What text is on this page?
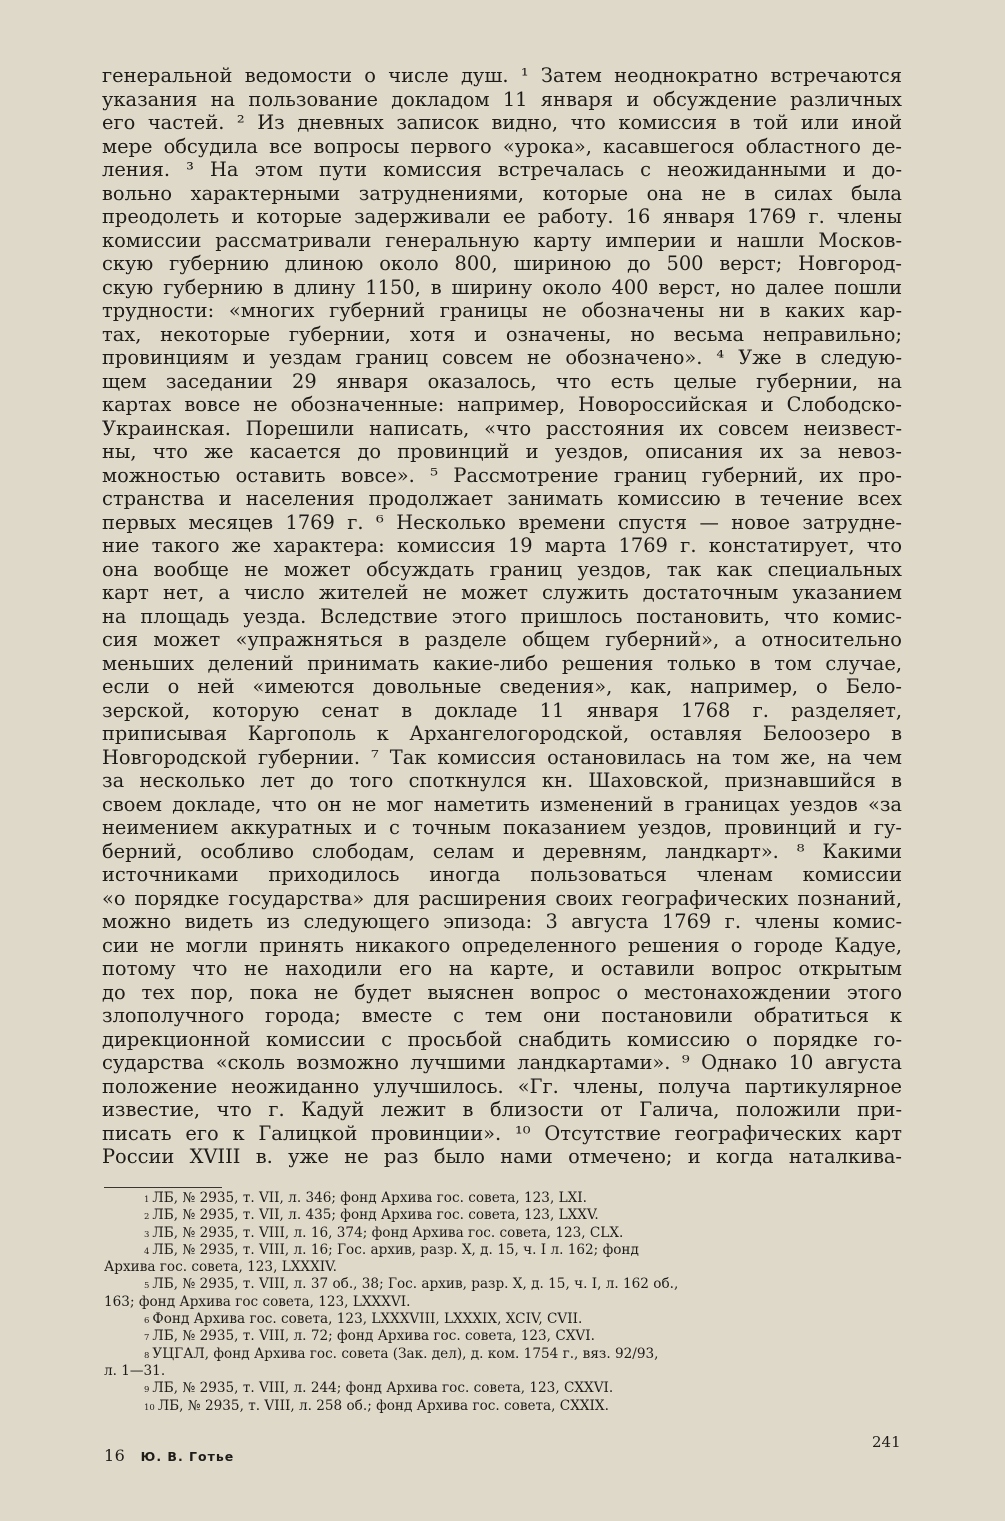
генеральной ведомости о числе душ. ¹ Затем неоднократно встречаются
указания на пользование докладом 11 января и обсуждение различных
его частей. ² Из дневных записок видно, что комиссия в той или иной
мере обсудила все вопросы первого «урока», касавшегося областного де-
ления. ³ На этом пути комиссия встречалась с неожиданными и до-
вольно характерными затруднениями, которые она не в силах была
преодолеть и которые задерживали ее работу. 16 января 1769 г. члены
комиссии рассматривали генеральную карту империи и нашли Москов-
скую губернию длиною около 800, шириною до 500 верст; Новгород-
скую губернию в длину 1150, в ширину около 400 верст, но далее пошли
трудности: «многих губерний границы не обозначены ни в каких кар-
тах, некоторые губернии, хотя и означены, но весьма неправильно;
провинциям и уездам границ совсем не обозначено». ⁴ Уже в следую-
щем заседании 29 января оказалось, что есть целые губернии, на
картах вовсе не обозначенные: например, Новороссийская и Слободско-
Украинская. Порешили написать, «что расстояния их совсем неизвест-
ны, что же касается до провинций и уездов, описания их за невоз-
можностью оставить вовсе». ⁵ Рассмотрение границ губерний, их про-
странства и населения продолжает занимать комиссию в течение всех
первых месяцев 1769 г. ⁶ Несколько времени спустя — новое затрудне-
ние такого же характера: комиссия 19 марта 1769 г. констатирует, что
она вообще не может обсуждать границ уездов, так как специальных
карт нет, а число жителей не может служить достаточным указанием
на площадь уезда. Вследствие этого пришлось постановить, что комис-
сия может «упражняться в разделе общем губерний», а относительно
меньших делений принимать какие-либо решения только в том случае,
если о ней «имеются довольные сведения», как, например, о Бело-
зерской, которую сенат в докладе 11 января 1768 г. разделяет,
приписывая Каргополь к Архангелогородской, оставляя Белоозеро в
Новгородской губернии. ⁷ Так комиссия остановилась на том же, на чем
за несколько лет до того споткнулся кн. Шаховской, признавшийся в
своем докладе, что он не мог наметить изменений в границах уездов «за
неимением аккуратных и с точным показанием уездов, провинций и гу-
берний, особливо слободам, селам и деревням, ландкарт». ⁸ Какими
источниками приходилось иногда пользоваться членам комиссии
«о порядке государства» для расширения своих географических познаний,
можно видеть из следующего эпизода: 3 августа 1769 г. члены комис-
сии не могли принять никакого определенного решения о городе Кадуе,
потому что не находили его на карте, и оставили вопрос открытым
до тех пор, пока не будет выяснен вопрос о местонахождении этого
злополучного города; вместе с тем они постановили обратиться к
дирекционной комиссии с просьбой снабдить комиссию о порядке го-
сударства «сколь возможно лучшими ландкартами». ⁹ Однако 10 августа
положение неожиданно улучшилось. «Гг. члены, получа партикулярное
известие, что г. Кадуй лежит в близости от Галича, положили при-
писать его к Галицкой провинции». ¹⁰ Отсутствие географических карт
России XVIII в. уже не раз было нами отмечено; и когда наталкива-
$^1$ ЛБ, № 2935, т. VII, л. 346; фонд Архива гос. совета, 123, LXI.
$^2$ ЛБ, № 2935, т. VII, л. 435; фонд Архива гос. совета, 123, LXXV.
$^3$ ЛБ, № 2935, т. VIII, л. 16, 374; фонд Архива гос. совета, 123, CLX.
$^4$ ЛБ, № 2935, т. VIII, л. 16; Гос. архив, разр. X, д. 15, ч. I л. 162; фонд
Архива гос. совета, 123, LXXXIV.
$^5$ ЛБ, № 2935, т. VIII, л. 37 об., 38; Гос. архив, разр. X, д. 15, ч. I, л. 162 об.,
163; фонд Архива гос совета, 123, LXXXVI.
$^6$ Фонд Архива гос. совета, 123, LXXXVIII, LXXXIX, XCIV, CVII.
$^7$ ЛБ, № 2935, т. VIII, л. 72; фонд Архива гос. совета, 123, CXVI.
$^8$ УЦГАЛ, фонд Архива гос. совета (Зак. дел), д. ком. 1754 г., вяз. 92/93,
л. 1—31.
$^9$ ЛБ, № 2935, т. VIII, л. 244; фонд Архива гос. совета, 123, CXXVI.
$^{10}$ ЛБ, № 2935, т. VIII, л. 258 об.; фонд Архива гос. совета, CXXIX.
16 Ю. В. Готье
241
